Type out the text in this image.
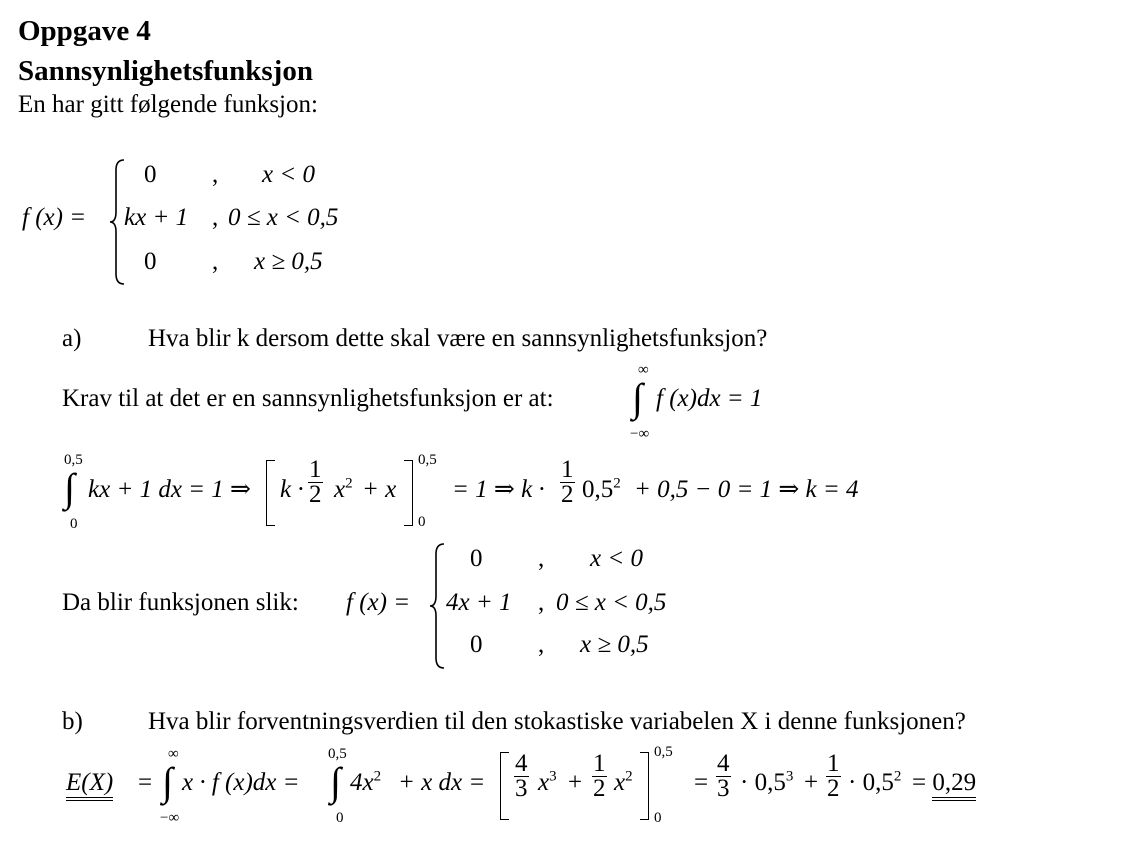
Oppgave 4
Sannsynlighetsfunksjon
En har gitt følgende funksjon:
f (x) =
0 , x < 0
kx + 1 , 0 ≤ x < 0,5
0 , x ≥ 0,5
a)	Hva blir k dersom dette skal være en sannsynlighetsfunksjon?
Krav til at det er en sannsynlighetsfunksjon er at:
∞
∫
−∞
f (x)dx = 1
0,5
∫
0
kx + 1 dx = 1 ⇒ $k \cdot \frac{1}{2} x^2 + x$
0,5
0
= 1 ⇒ $k \cdot \frac{1}{2} 0,5^2 + 0,5 - 0 = 1$ ⇒ k = 4
Da blir funksjonen slik: f (x) =
0 , x < 0
4x + 1 , 0 ≤ x < 0,5
0 , x ≥ 0,5
b)	Hva blir forventningsverdien til den stokastiske variabelen X i denne funksjonen?
E(X) =
∞
∫
−∞
x · f (x)dx =
0,5
∫
0
$4x^2 + x$ dx = $\frac{4}{3} x^3 + \frac{1}{2} x^2$
0,5
0
= $\frac{4}{3} \cdot 0,5^3 + \frac{1}{2} \cdot 0,5^2 = 0,29$
